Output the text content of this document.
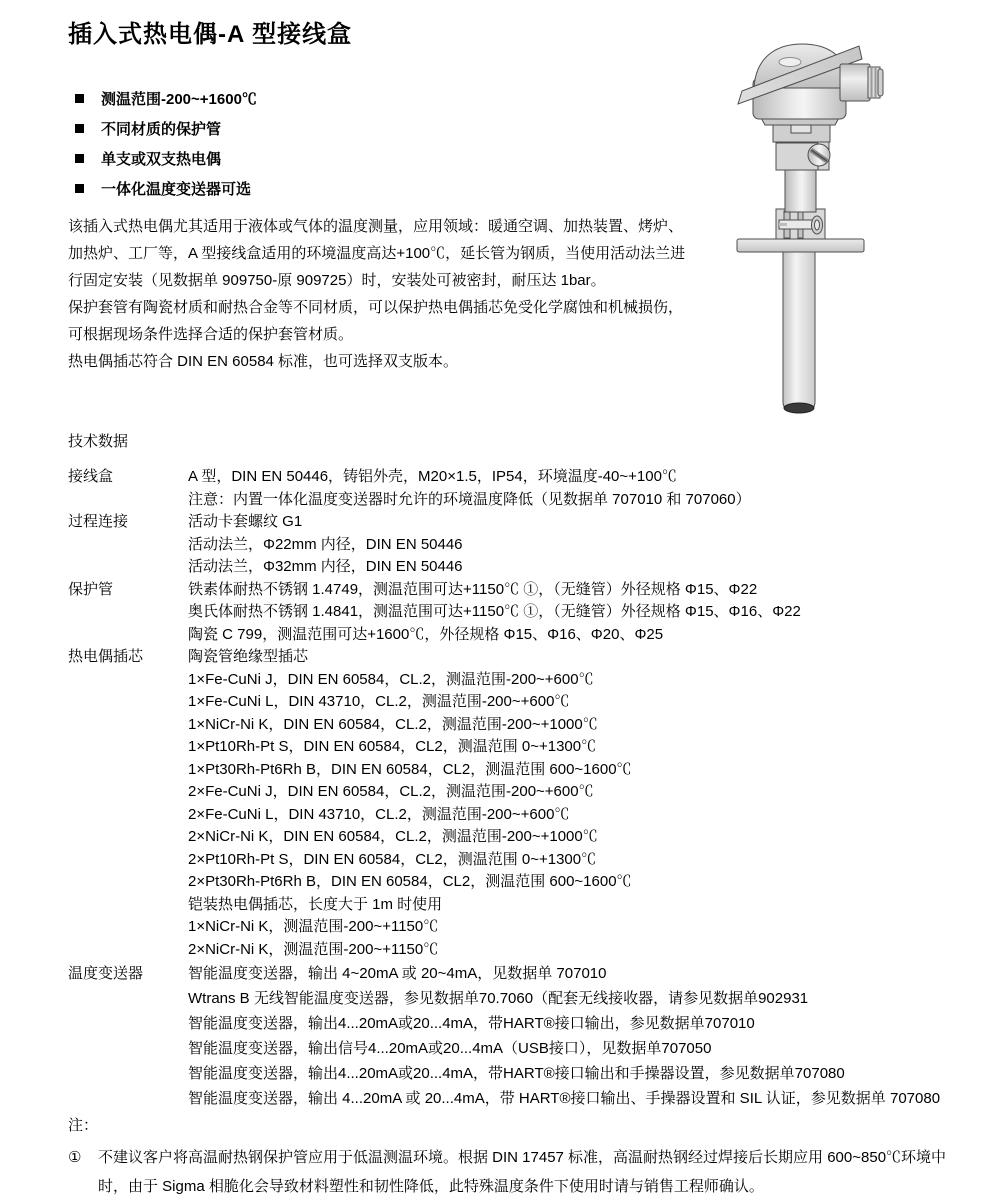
插入式热电偶-A 型接线盒
测温范围-200~+1600℃
不同材质的保护管
单支或双支热电偶
一体化温度变送器可选
该插入式热电偶尤其适用于液体或气体的温度测量，应用领域：暖通空调、加热装置、烤炉、
加热炉、工厂等，A 型接线盒适用的环境温度高达+100℃，延长管为钢质，当使用活动法兰进
行固定安装（见数据单 909750-原 909725）时，安装处可被密封，耐压达 1bar。
保护套管有陶瓷材质和耐热合金等不同材质，可以保护热电偶插芯免受化学腐蚀和机械损伤，
可根据现场条件选择合适的保护套管材质。
热电偶插芯符合 DIN EN 60584 标准，也可选择双支版本。
技术数据
接线盒	A 型，DIN EN 50446，铸铝外壳，M20×1.5，IP54，环境温度-40~+100℃
注意：内置一体化温度变送器时允许的环境温度降低（见数据单 707010 和 707060）
过程连接	活动卡套螺纹 G1
活动法兰，Φ22mm 内径，DIN EN 50446
活动法兰，Φ32mm 内径，DIN EN 50446
保护管	铁素体耐热不锈钢 1.4749，测温范围可达+1150℃ ①，（无缝管）外径规格 Φ15、Φ22
奥氏体耐热不锈钢 1.4841，测温范围可达+1150℃ ①，（无缝管）外径规格 Φ15、Φ16、Φ22
陶瓷 C 799，测温范围可达+1600℃，外径规格 Φ15、Φ16、Φ20、Φ25
热电偶插芯	陶瓷管绝缘型插芯
1×Fe-CuNi J，DIN EN 60584，CL.2，测温范围-200~+600℃
1×Fe-CuNi L，DIN 43710，CL.2，测温范围-200~+600℃
1×NiCr-Ni K，DIN EN 60584，CL.2，测温范围-200~+1000℃
1×Pt10Rh-Pt S，DIN EN 60584，CL2，测温范围 0~+1300℃
1×Pt30Rh-Pt6Rh B，DIN EN 60584，CL2，测温范围 600~1600℃
2×Fe-CuNi J，DIN EN 60584，CL.2，测温范围-200~+600℃
2×Fe-CuNi L，DIN 43710，CL.2，测温范围-200~+600℃
2×NiCr-Ni K，DIN EN 60584，CL.2，测温范围-200~+1000℃
2×Pt10Rh-Pt S，DIN EN 60584，CL2，测温范围 0~+1300℃
2×Pt30Rh-Pt6Rh B，DIN EN 60584，CL2，测温范围 600~1600℃
铠装热电偶插芯，长度大于 1m 时使用
1×NiCr-Ni K，测温范围-200~+1150℃
2×NiCr-Ni K，测温范围-200~+1150℃
温度变送器	智能温度变送器，输出 4~20mA 或 20~4mA，见数据单 707010
Wtrans B 无线智能温度变送器，参见数据单70.7060（配套无线接收器，请参见数据单902931
智能温度变送器，输出4...20mA或20...4mA，带HART®接口输出，参见数据单707010
智能温度变送器，输出信号4...20mA或20...4mA（USB接口），见数据单707050
智能温度变送器，输出4...20mA或20...4mA，带HART®接口输出和手操器设置，参见数据单707080
智能温度变送器，输出 4...20mA 或 20...4mA，带 HART®接口输出、手操器设置和 SIL 认证，参见数据单 707080
注：
①	不建议客户将高温耐热钢保护管应用于低温测温环境。根据 DIN 17457 标准，高温耐热钢经过焊接后长期应用 600~850℃环境中
时，由于 Sigma 相脆化会导致材料塑性和韧性降低，此特殊温度条件下使用时请与销售工程师确认。
